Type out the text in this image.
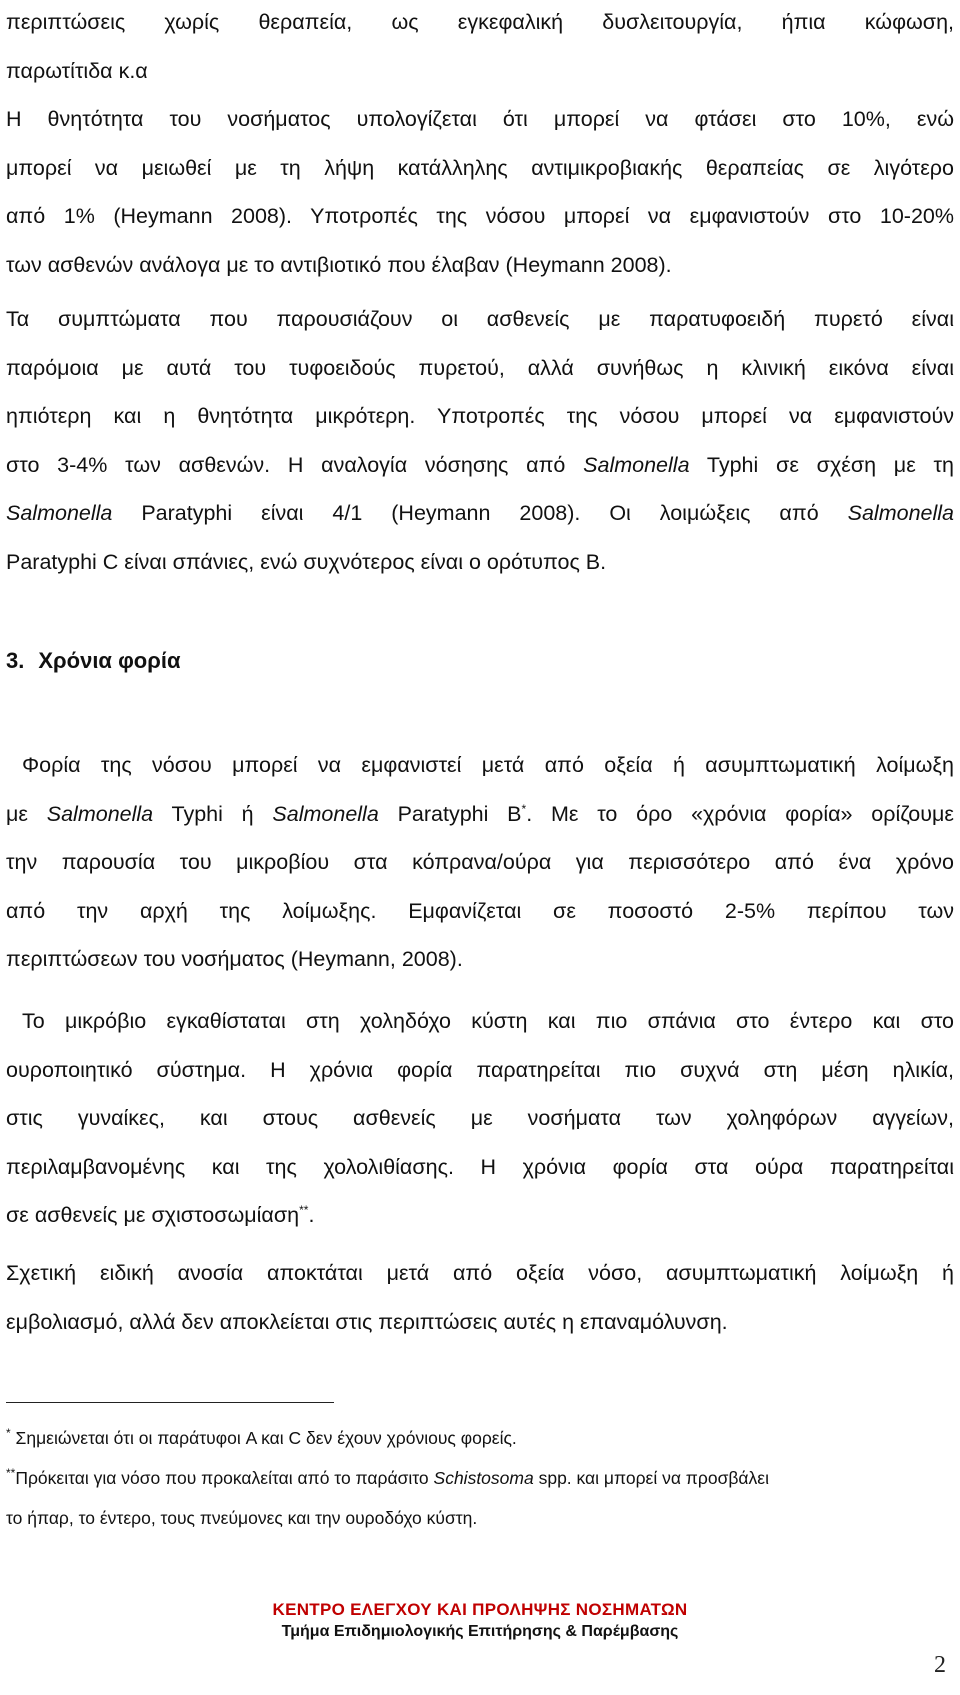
περιπτώσεις χωρίς θεραπεία, ως εγκεφαλική δυσλειτουργία, ήπια κώφωση,
παρωτίτιδα κ.α
Η θνητότητα του νοσήματος υπολογίζεται ότι μπορεί να φτάσει στο 10%, ενώ
μπορεί να μειωθεί με τη λήψη κατάλληλης αντιμικροβιακής θεραπείας σε λιγότερο
από 1% (Heymann 2008). Υποτροπές της νόσου μπορεί να εμφανιστούν στο 10-20%
των ασθενών ανάλογα με το αντιβιοτικό που έλαβαν (Heymann 2008).
Τα συμπτώματα που παρουσιάζουν οι ασθενείς με παρατυφοειδή πυρετό είναι
παρόμοια με αυτά του τυφοειδούς πυρετού, αλλά συνήθως η κλινική εικόνα είναι
ηπιότερη και η θνητότητα μικρότερη. Υποτροπές της νόσου μπορεί να εμφανιστούν
στο 3-4% των ασθενών. Η αναλογία νόσησης από Salmonella Typhi σε σχέση με τη
Salmonella Paratyphi είναι 4/1 (Heymann 2008). Οι λοιμώξεις από Salmonella
Paratyphi C είναι σπάνιες, ενώ συχνότερος είναι ο ορότυπος Β.
Φορία της νόσου μπορεί να εμφανιστεί μετά από οξεία ή ασυμπτωματική λοίμωξη
με Salmonella Typhi ή Salmonella Paratyphi B*. Με το όρο «χρόνια φορία» ορίζουμε
την παρουσία του μικροβίου στα κόπρανα/ούρα για περισσότερο από ένα χρόνο
από την αρχή της λοίμωξης. Εμφανίζεται σε ποσοστό 2-5% περίπου των
περιπτώσεων του νοσήματος (Heymann, 2008).
Το μικρόβιο εγκαθίσταται στη χοληδόχο κύστη και πιο σπάνια στο έντερο και στο
ουροποιητικό σύστημα. Η χρόνια φορία παρατηρείται πιο συχνά στη μέση ηλικία,
στις γυναίκες, και στους ασθενείς με νοσήματα των χοληφόρων αγγείων,
περιλαμβανομένης και της χολολιθίασης. Η χρόνια φορία στα ούρα παρατηρείται
σε ασθενείς με σχιστοσωμίαση**.
Σχετική ειδική ανοσία αποκτάται μετά από οξεία νόσο, ασυμπτωματική λοίμωξη ή
εμβολιασμό, αλλά δεν αποκλείεται στις περιπτώσεις αυτές η επαναμόλυνση.
3. Χρόνια φορία
* Σημειώνεται ότι οι παράτυφοι A και C δεν έχουν χρόνιους φορείς.
**Πρόκειται για νόσο που προκαλείται από το παράσιτο Schistosoma spp. και μπορεί να προσβάλει
το ήπαρ, το έντερο, τους πνεύμονες και την ουροδόχο κύστη.
ΚΕΝΤΡΟ ΕΛΕΓΧΟΥ ΚΑΙ ΠΡΟΛΗΨΗΣ ΝΟΣΗΜΑΤΩΝ
Τμήμα Επιδημιολογικής Επιτήρησης & Παρέμβασης
2
